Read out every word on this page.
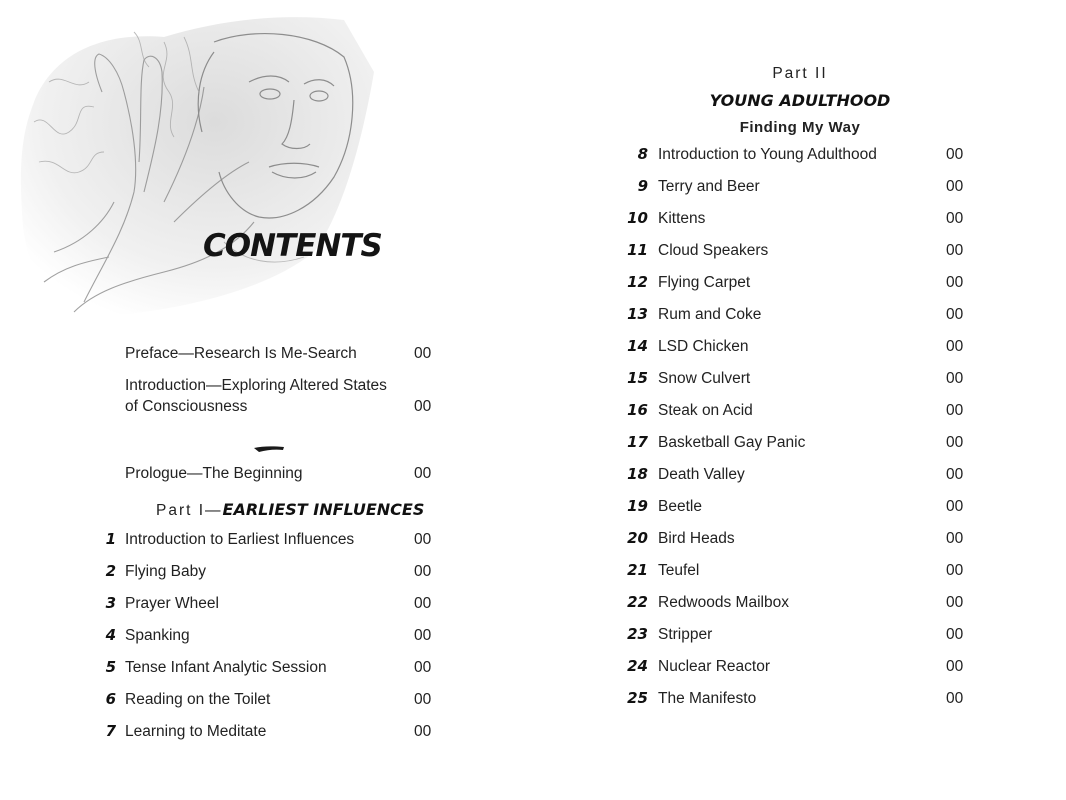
CONTENTS
Preface—Research Is Me-Search	00
Introduction—Exploring Altered States
of Consciousness	00
Prologue—The Beginning	00
Part I—EARLIEST INFLUENCES
1 Introduction to Earliest Influences	00
2 Flying Baby	00
3 Prayer Wheel	00
4 Spanking	00
5 Tense Infant Analytic Session	00
6 Reading on the Toilet	00
7 Learning to Meditate	00
Part II
YOUNG ADULTHOOD
Finding My Way
8 Introduction to Young Adulthood	00
9 Terry and Beer	00
10 Kittens	00
11 Cloud Speakers	00
12 Flying Carpet	00
13 Rum and Coke	00
14 LSD Chicken	00
15 Snow Culvert	00
16 Steak on Acid	00
17 Basketball Gay Panic	00
18 Death Valley	00
19 Beetle	00
20 Bird Heads	00
21 Teufel	00
22 Redwoods Mailbox	00
23 Stripper	00
24 Nuclear Reactor	00
25 The Manifesto	00
